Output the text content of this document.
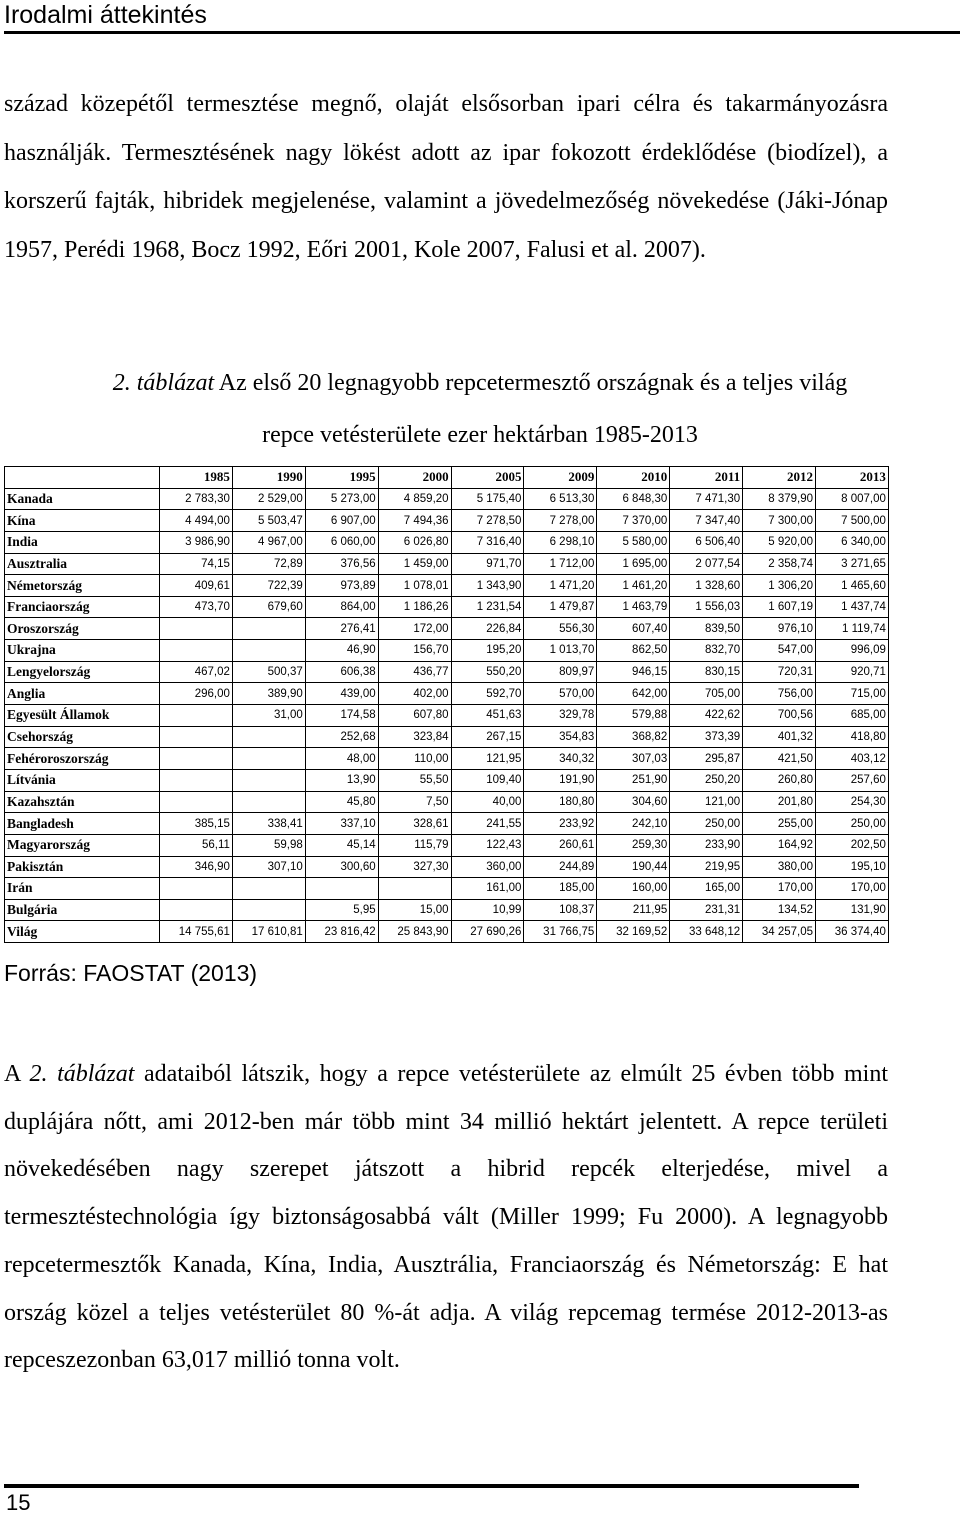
Irodalmi áttekintés
század közepétől termesztése megnő, olaját elsősorban ipari célra és takarmányozásra használják. Termesztésének nagy lökést adott az ipar fokozott érdeklődése (biodízel), a korszerű fajták, hibridek megjelenése, valamint a jövedelmezőség növekedése (Jáki-Jónap 1957, Perédi 1968, Bocz 1992, Eőri 2001, Kole 2007, Falusi et al. 2007).
2. táblázat Az első 20 legnagyobb repcetermesztő országnak és a teljes világ
repce vetésterülete ezer hektárban 1985-2013
	1985	1990	1995	2000	2005	2009	2010	2011	2012	2013
Kanada	2 783,30	2 529,00	5 273,00	4 859,20	5 175,40	6 513,30	6 848,30	7 471,30	8 379,90	8 007,00
Kína	4 494,00	5 503,47	6 907,00	7 494,36	7 278,50	7 278,00	7 370,00	7 347,40	7 300,00	7 500,00
India	3 986,90	4 967,00	6 060,00	6 026,80	7 316,40	6 298,10	5 580,00	6 506,40	5 920,00	6 340,00
Ausztralia	74,15	72,89	376,56	1 459,00	971,70	1 712,00	1 695,00	2 077,54	2 358,74	3 271,65
Németország	409,61	722,39	973,89	1 078,01	1 343,90	1 471,20	1 461,20	1 328,60	1 306,20	1 465,60
Franciaország	473,70	679,60	864,00	1 186,26	1 231,54	1 479,87	1 463,79	1 556,03	1 607,19	1 437,74
Oroszország			276,41	172,00	226,84	556,30	607,40	839,50	976,10	1 119,74
Ukrajna			46,90	156,70	195,20	1 013,70	862,50	832,70	547,00	996,09
Lengyelország	467,02	500,37	606,38	436,77	550,20	809,97	946,15	830,15	720,31	920,71
Anglia	296,00	389,90	439,00	402,00	592,70	570,00	642,00	705,00	756,00	715,00
Egyesült Államok		31,00	174,58	607,80	451,63	329,78	579,88	422,62	700,56	685,00
Csehország			252,68	323,84	267,15	354,83	368,82	373,39	401,32	418,80
Fehéroroszország			48,00	110,00	121,95	340,32	307,03	295,87	421,50	403,12
Lítvánia			13,90	55,50	109,40	191,90	251,90	250,20	260,80	257,60
Kazahsztán			45,80	7,50	40,00	180,80	304,60	121,00	201,80	254,30
Bangladesh	385,15	338,41	337,10	328,61	241,55	233,92	242,10	250,00	255,00	250,00
Magyarország	56,11	59,98	45,14	115,79	122,43	260,61	259,30	233,90	164,92	202,50
Pakisztán	346,90	307,10	300,60	327,30	360,00	244,89	190,44	219,95	380,00	195,10
Irán					161,00	185,00	160,00	165,00	170,00	170,00
Bulgária			5,95	15,00	10,99	108,37	211,95	231,31	134,52	131,90
Világ	14 755,61	17 610,81	23 816,42	25 843,90	27 690,26	31 766,75	32 169,52	33 648,12	34 257,05	36 374,40
Forrás: FAOSTAT (2013)
A 2. táblázat adataiból látszik, hogy a repce vetésterülete az elmúlt 25 évben több mint duplájára nőtt, ami 2012-ben már több mint 34 millió hektárt jelentett. A repce területi növekedésében nagy szerepet játszott a hibrid repcék elterjedése, mivel a termesztéstechnológia így biztonságosabbá vált (Miller 1999; Fu 2000). A legnagyobb repcetermesztők Kanada, Kína, India, Ausztrália, Franciaország és Németország: E hat ország közel a teljes vetésterület 80 %-át adja. A világ repcemag termése 2012-2013-as repceszezonban 63,017 millió tonna volt.
15
